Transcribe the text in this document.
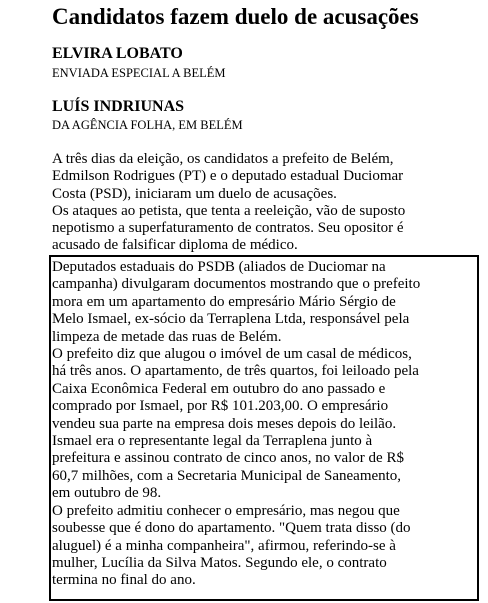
Candidatos fazem duelo de acusações

ELVIRA LOBATO

ENVIADA ESPECIAL A BELÉM

LUÍS INDRIUNAS

DA AGÊNCIA FOLHA, EM BELÉM

A três dias da eleição, os candidatos a prefeito de Belém,
Edmilson Rodrigues (PT) e o deputado estadual Duciomar
Costa (PSD), iniciaram um duelo de acusações.
Os ataques ao petista, que tenta a reeleição, vão de suposto
nepotismo a superfaturamento de contratos. Seu opositor é
acusado de falsificar diploma de médico.
Deputados estaduais do PSDB (aliados de Duciomar na
campanha) divulgaram documentos mostrando que o prefeito
mora em um apartamento do empresário Mário Sérgio de
Melo Ismael, ex-sócio da Terraplena Ltda, responsável pela
limpeza de metade das ruas de Belém.
O prefeito diz que alugou o imóvel de um casal de médicos,
há três anos. O apartamento, de três quartos, foi leiloado pela
Caixa Econômica Federal em outubro do ano passado e
comprado por Ismael, por R$ 101.203,00. O empresário
vendeu sua parte na empresa dois meses depois do leilão.
Ismael era o representante legal da Terraplena junto à
prefeitura e assinou contrato de cinco anos, no valor de R$
60,7 milhões, com a Secretaria Municipal de Saneamento,
em outubro de 98.
O prefeito admitiu conhecer o empresário, mas negou que
soubesse que é dono do apartamento. "Quem trata disso (do
aluguel) é a minha companheira", afirmou, referindo-se à
mulher, Lucília da Silva Matos. Segundo ele, o contrato
termina no final do ano.
